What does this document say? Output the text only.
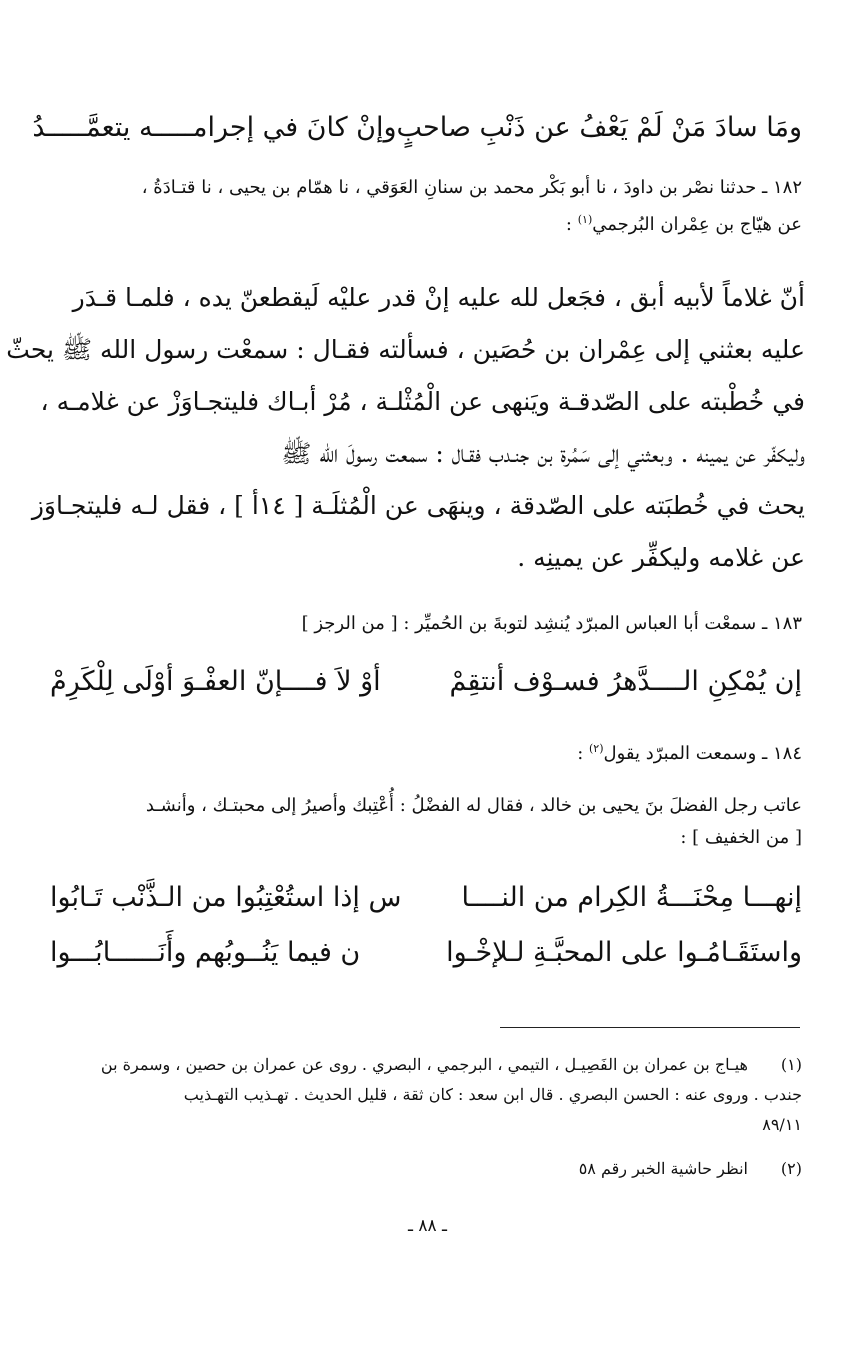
ومَا سادَ مَنْ لَمْ يَعْفُ عن ذَنْبِ صاحبٍ
وإنْ كانَ في إجرامـــــه يتعمَّـــــدُ
١٨٢ ـ حدثنا نصْر بن داودَ ، نا أبو بَكْر محمد بن سنانِ العَوَقي ، نا همّام بن يحيى ، نا قتـادَةُ ،
عن هيّاج بن عِمْران البُرجمي$^{(١)}$ :

أنّ غلاماً لأبيه أبق ، فجَعل لله عليه إنْ قدر عليْه لَيقطعنّ يده ، فلمـا قـدَر

عليه بعثني إلى عِمْران بن حُصَين ، فسألته فقـال : سمعْت رسول الله ﷺ يحثّ

في خُطْبته على الصّدقـة ويَنهى عن الْمُثْلـة ، مُرْ أبـاك فليتجـاوَزْ عن غلامـه ،

وليكفّر عن يمينه . وبعثني إلى سَمُرة بن جنـدب فقـال : سمعت رسولَ الله ﷺ

يحث في خُطبَته على الصّدقة ، وينهَى عن الْمُثلَـة [ ١٤أ ] ، فقل لـه فليتجـاوَز

عن غلامه وليكفِّر عن يمينِه .

١٨٣ ـ سمعْت أبا العباس المبرّد يُنشِد لتوبةَ بن الحُميِّر : [ من الرجز ]
إن يُمْكِنِ الــــدَّهرُ فسـوْف أنتقِمْ
أوْ لاَ فــــإنّ العفْـوَ أوْلَى لِلْكَرِمْ
١٨٤ ـ وسمعت المبرّد يقول$^{(٢)}$ :
عاتب رجل الفضلَ بنَ يحيى بن خالد ، فقال له الفضْلُ : أُعْتِبك وأصيرُ إلى محبتـك ، وأنشـد
[ من الخفيف ] :
إنهـــا مِحْنَـــةُ الكِرام من النــــا
س إذا استُعْتِبُوا من الـذَّنْب تَـابُوا
واستَقَـامُـوا على المحبَّـةِ لـلإخْـوا
ن فيما يَنُــوبُهم وأَنَــــــابُـــوا
(١)هيـاج بن عمران بن الفَصِيـل ، التيمي ، البرجمي ، البصري . روى عن عمران بن حصين ، وسمرة بن
جندب . وروى عنه : الحسن البصري . قال ابن سعد : كان ثقة ، قليل الحديث . تهـذيب التهـذيب
٨٩/١١
(٢)انظر حاشية الخبر رقم ٥٨
ـ ٨٨ ـ
